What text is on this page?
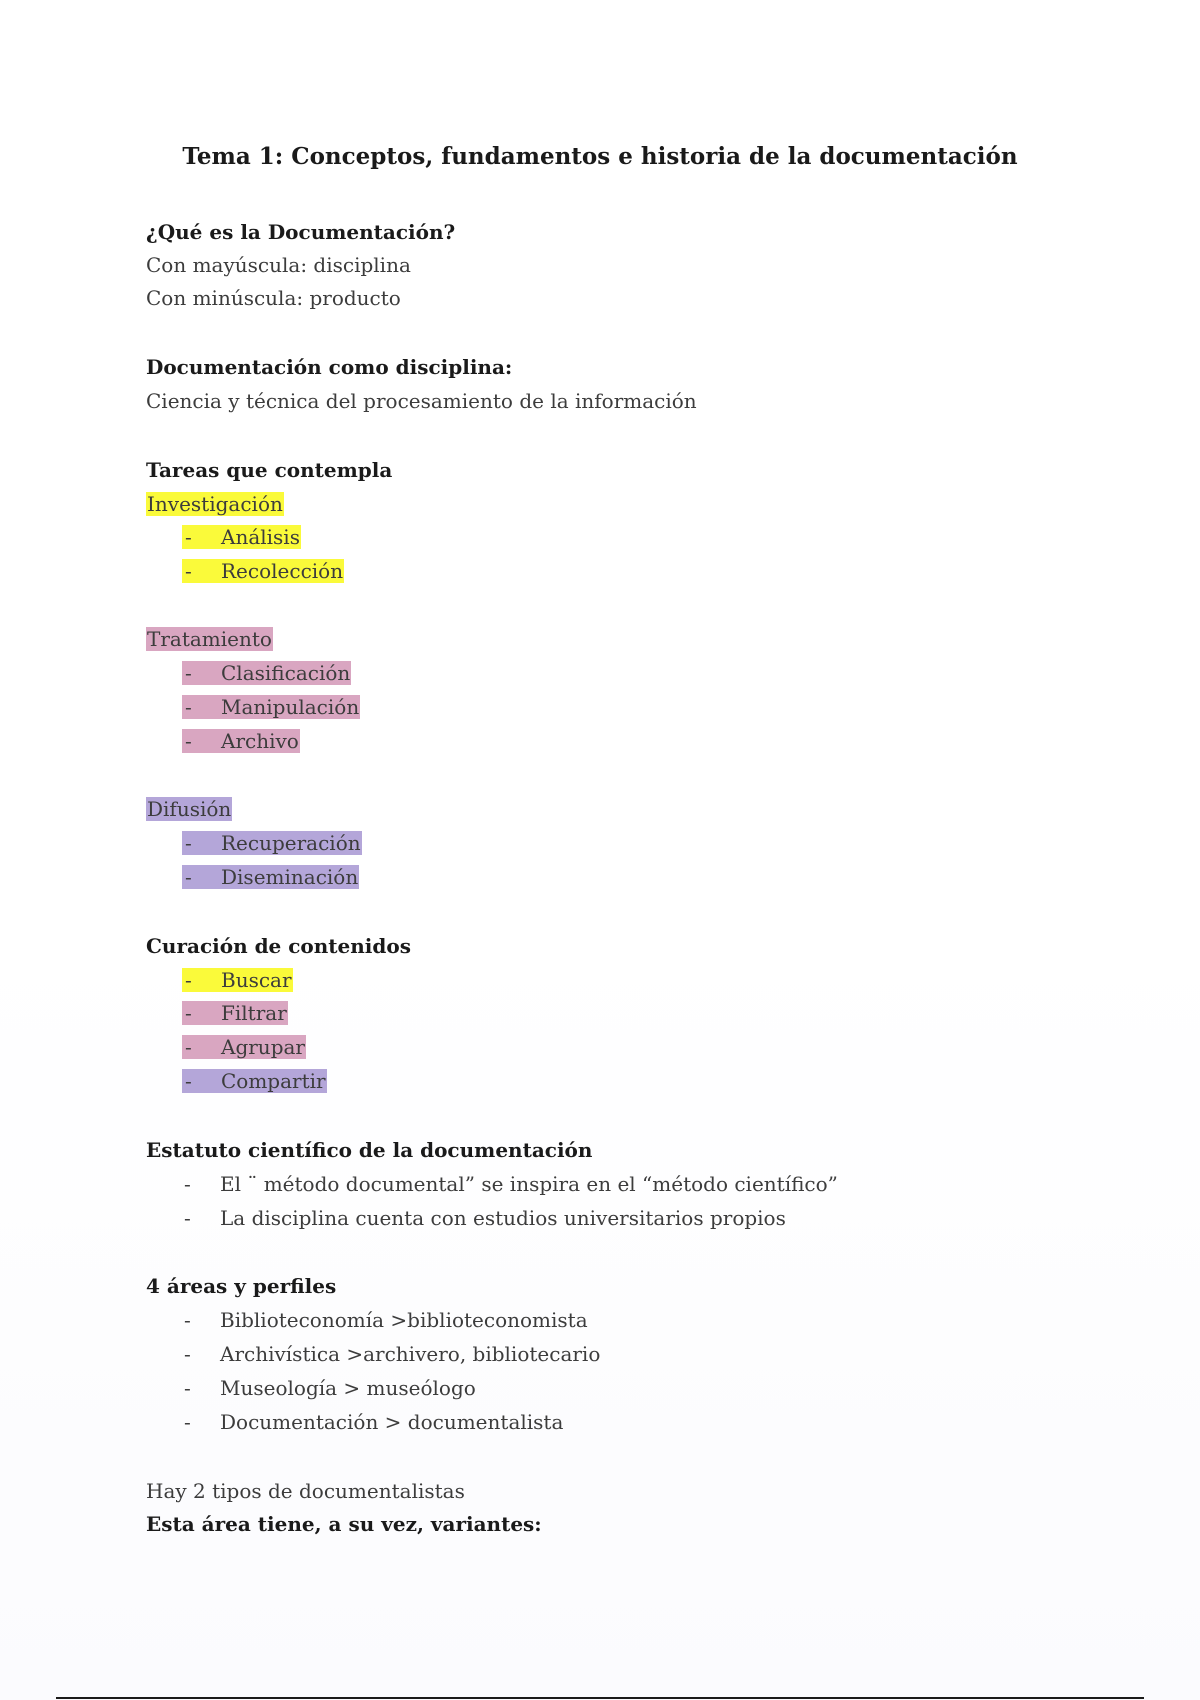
Tema 1: Conceptos, fundamentos e historia de la documentación
¿Qué es la Documentación?
Con mayúscula: disciplina
Con minúscula: producto
Documentación como disciplina:
Ciencia y técnica del procesamiento de la información
Tareas que contempla
Investigación
- Análisis
- Recolección
Tratamiento
- Clasificación
- Manipulación
- Archivo
Difusión
- Recuperación
- Diseminación
Curación de contenidos
- Buscar
- Filtrar
- Agrupar
- Compartir
Estatuto científico de la documentación
- El ¨ método documental” se inspira en el “método científico”
- La disciplina cuenta con estudios universitarios propios
4 áreas y perfiles
- Biblioteconomía >biblioteconomista
- Archivística >archivero, bibliotecario
- Museología > museólogo
- Documentación > documentalista
Hay 2 tipos de documentalistas
Esta área tiene, a su vez, variantes:
